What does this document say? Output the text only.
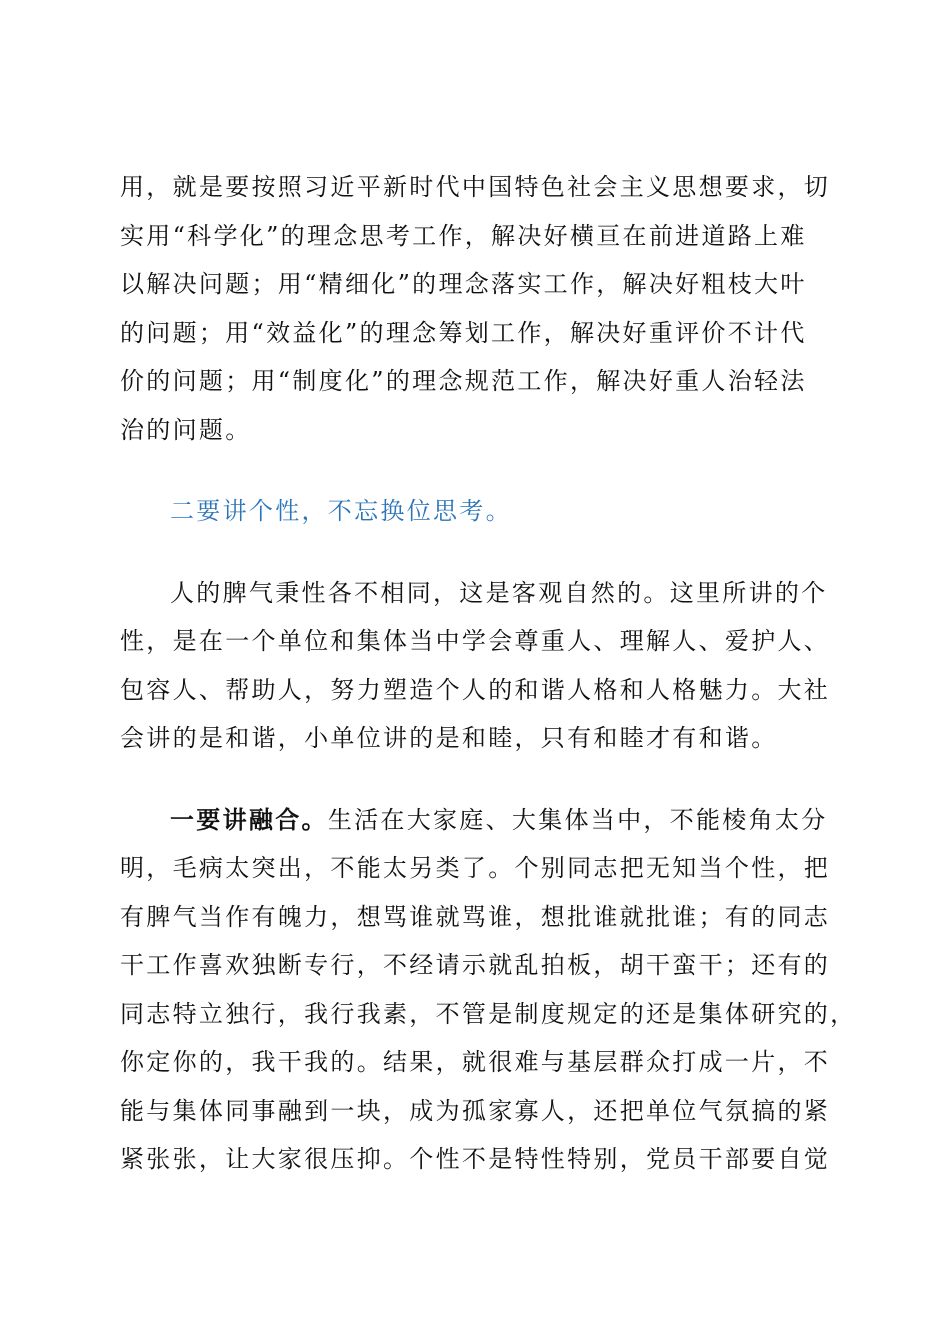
用，就是要按照习近平新时代中国特色社会主义思想要求，切
实用“科学化”的理念思考工作，解决好横亘在前进道路上难
以解决问题；用“精细化”的理念落实工作，解决好粗枝大叶
的问题；用“效益化”的理念筹划工作，解决好重评价不计代
价的问题；用“制度化”的理念规范工作，解决好重人治轻法
治的问题。

二要讲个性，不忘换位思考。

人的脾气秉性各不相同，这是客观自然的。这里所讲的个
性，是在一个单位和集体当中学会尊重人、理解人、爱护人、
包容人、帮助人，努力塑造个人的和谐人格和人格魅力。大社
会讲的是和谐，小单位讲的是和睦，只有和睦才有和谐。

一要讲融合。生活在大家庭、大集体当中，不能棱角太分
明，毛病太突出，不能太另类了。个别同志把无知当个性，把
有脾气当作有魄力，想骂谁就骂谁，想批谁就批谁；有的同志
干工作喜欢独断专行，不经请示就乱拍板，胡干蛮干；还有的
同志特立独行，我行我素，不管是制度规定的还是集体研究的，
你定你的，我干我的。结果，就很难与基层群众打成一片，不
能与集体同事融到一块，成为孤家寡人，还把单位气氛搞的紧
紧张张，让大家很压抑。个性不是特性特别，党员干部要自觉
